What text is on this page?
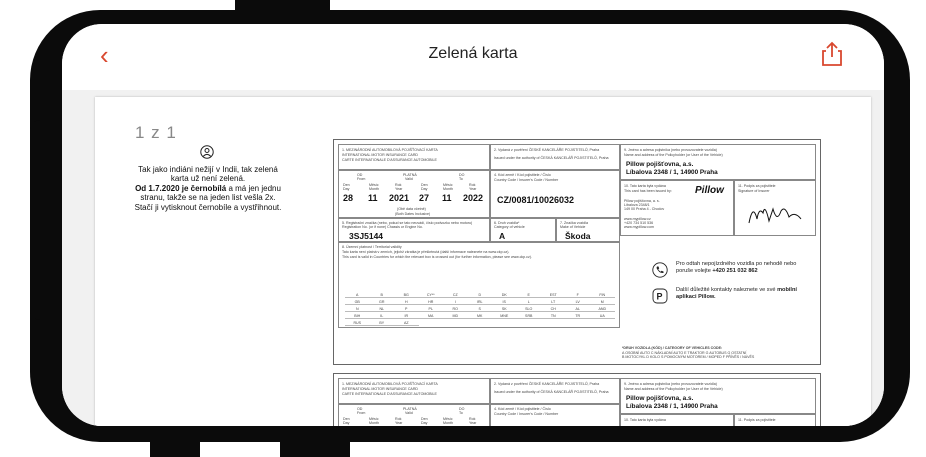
‹	Zelená karta
1 z 1
Tak jako indiáni nežijí v Indii, tak zelená karta už není zelená.
Od 1.7.2020 je černobílá a má jen jednu stranu, takže se na jeden list vešla 2x. Stačí ji vytisknout černobíle a vystřihnout.
1. MEZINÁRODNÍ AUTOMOBILOVÁ POJIŠŤOVACÍ KARTA
INTERNATIONAL MOTOR INSURANCE CARD
CARTE INTERNATIONALE D'ASSURANCE AUTOMOBILE
2. Vydaná z pověření ČESKÉ KANCELÁŘE POJISTITELŮ, Praha
Issued under the authority of ČESKÁ KANCELÁŘ POJISTITELŮ, Praha
OD	PLATNÁ	DO
From	Valid	To
Den	Měsíc	Rok	Den	Měsíc	Rok
Day	Month	Year	Day	Month	Year
28 11 2021 27 11 2022
(Obě data včetně)
(Both Dates Inclusive)
4. Kód země / Kód pojistitele / Číslo
Country Code / Insurer's Code / Number
CZ/0081/10026032
5. Registrační značka (nebo, pokud se tato neuvádí, číslo podvozku nebo motoru)
Registration No. (or if none) Chassis or Engine No.
3SJ5144
6. Druh vozidla*
Category of vehicle
A
7. Značka vozidla
Make of Vehicle
Škoda
8. Územní platnost / Territorial validity
Tato karta není platná v zemích, jejichž zkratka je přeškrtnutá (další informace naleznete na www.ckp.cz).
This card is valid in Countries for which the relevant box is crossed out (for further information, please see www.ckp.cz).
A	B	BG	CY**	CZ	D	DK	E	EST	F	FIN
GB	GR	H	HR	I	IRL	IS	L	LT	LV	M
N	NL	P	PL	RO	S	SK	SLO	CH	AL	AND
BIH	IL	IR	MA	MD	MK	MNE	SRB	TN	TR	UA
RUS	BY	AZ
9. Jméno a adresa pojistníka (nebo provozovatele vozidla)
Name and address of the Policyholder (or User of the Vehicle)
Pillow pojišťovna, a.s.
Líbalova 2348 / 1, 14900 Praha
10. Tato karta byla vydána
This card has been issued by: Pillow
Pillow pojišťovna, a. s.
Líbalova 2348/1
149 00 Praha 4 - Chodov
www.mypillow.cz
+420 734 510 536
www.mypillow.com
11. Podpis za pojistitele
Signature of Insurer
Pro odtah nepojízdného vozidla po nehodě nebo poruše volejte +420 251 032 862
P
Další důležité kontakty naleznete ve své mobilní aplikaci Pillow.
*DRUH VOZIDLA (KÓD) / CATEGORY OF VEHICLES CODE:
A OSOBNÍ AUTO C NÁKLADNÍ AUTO E TRAKTOR G AUTOBUS G OSTATNÍ
B MOTOCYKL D KOLO S POMOCNÝM MOTOREM / MOPED F PŘÍVĚS / NÁVĚS
1. MEZINÁRODNÍ AUTOMOBILOVÁ POJIŠŤOVACÍ KARTA
INTERNATIONAL MOTOR INSURANCE CARD
CARTE INTERNATIONALE D'ASSURANCE AUTOMOBILE
2. Vydaná z pověření ČESKÉ KANCELÁŘE POJISTITELŮ, Praha
Issued under the authority of ČESKÁ KANCELÁŘ POJISTITELŮ, Praha
OD	PLATNÁ	DO
From	Valid	To
Den	Měsíc	Rok	Den	Měsíc	Rok
Day	Month	Year	Day	Month	Year
4. Kód země / Kód pojistitele / Číslo
Country Code / Insurer's Code / Number
9. Jméno a adresa pojistníka (nebo provozovatele vozidla)
Name and address of the Policyholder (or User of the Vehicle)
Pillow pojišťovna, a.s.
Líbalova 2348 / 1, 14900 Praha
10. Tato karta byla vydána	11. Podpis za pojistitele
